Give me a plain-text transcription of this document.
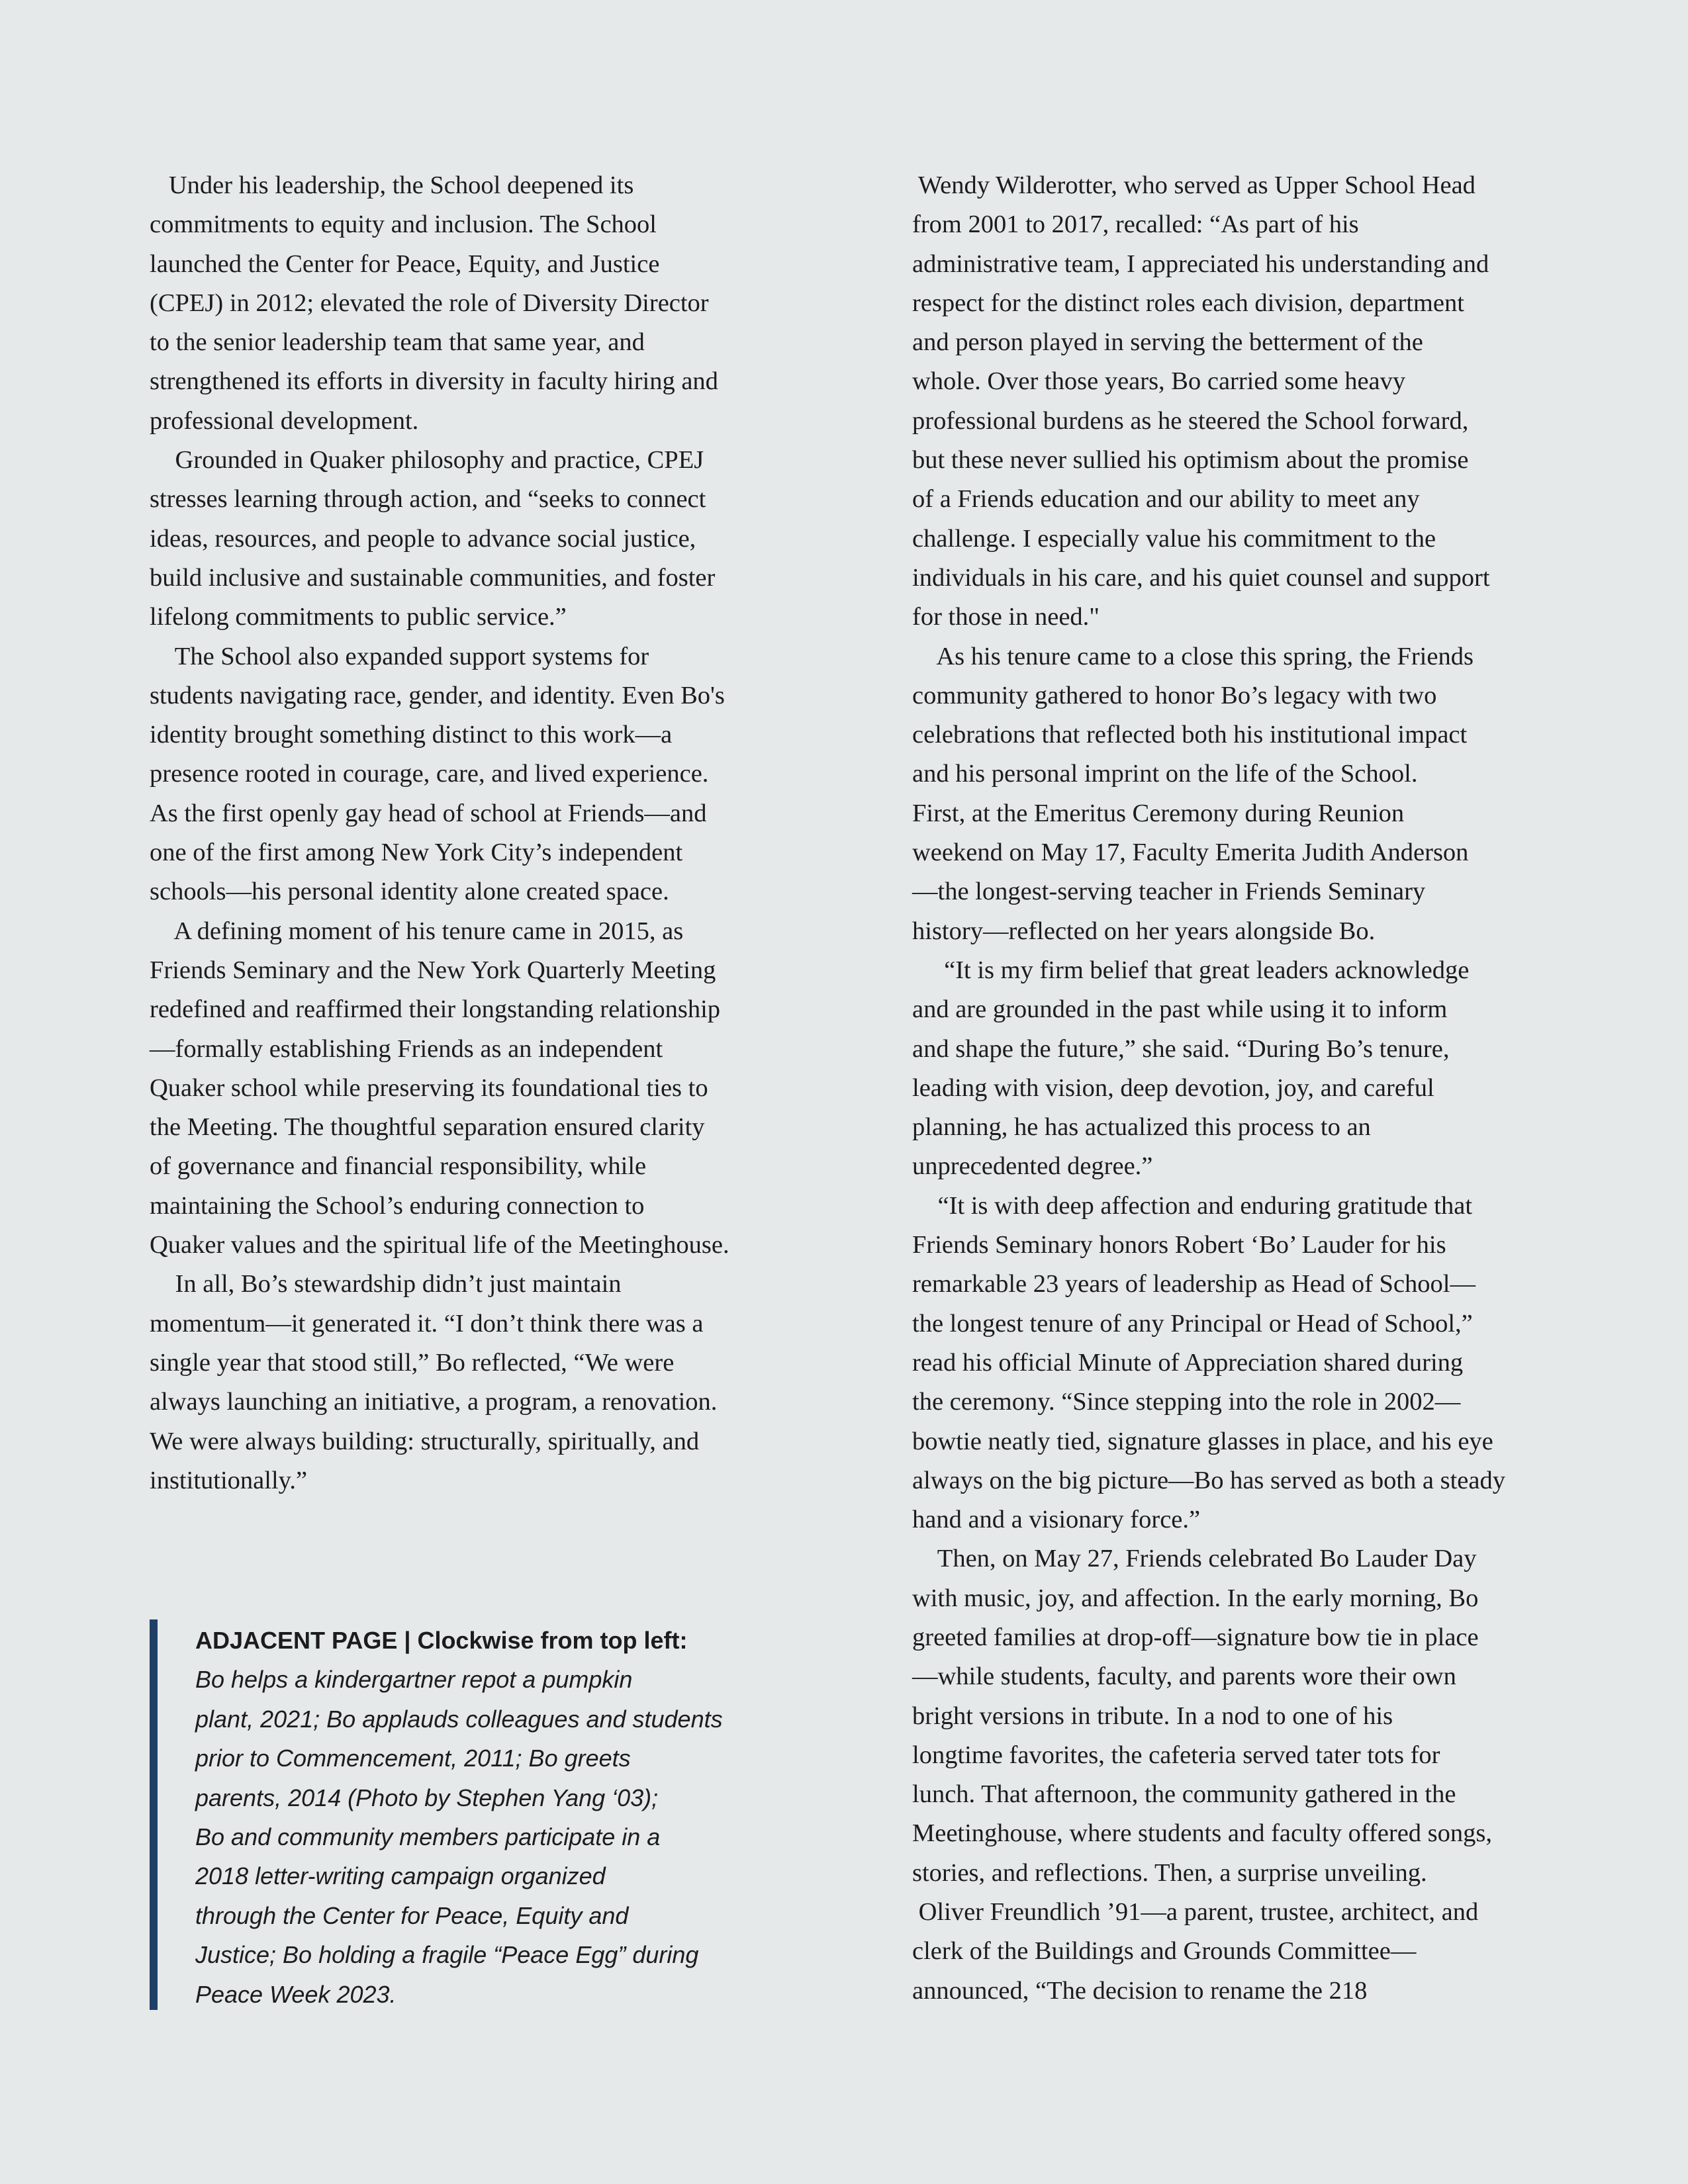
Under his leadership, the School deepened its
commitments to equity and inclusion. The School
launched the Center for Peace, Equity, and Justice
(CPEJ) in 2012; elevated the role of Diversity Director
to the senior leadership team that same year, and
strengthened its efforts in diversity in faculty hiring and
professional development.
Grounded in Quaker philosophy and practice, CPEJ
stresses learning through action, and “seeks to connect
ideas, resources, and people to advance social justice,
build inclusive and sustainable communities, and foster
lifelong commitments to public service.”
The School also expanded support systems for
students navigating race, gender, and identity. Even Bo's
identity brought something distinct to this work—a
presence rooted in courage, care, and lived experience.
As the first openly gay head of school at Friends—and
one of the first among New York City’s independent
schools—his personal identity alone created space.
A defining moment of his tenure came in 2015, as
Friends Seminary and the New York Quarterly Meeting
redefined and reaffirmed their longstanding relationship
—formally establishing Friends as an independent
Quaker school while preserving its foundational ties to
the Meeting. The thoughtful separation ensured clarity
of governance and financial responsibility, while
maintaining the School’s enduring connection to
Quaker values and the spiritual life of the Meetinghouse.
In all, Bo’s stewardship didn’t just maintain
momentum—it generated it. “I don’t think there was a
single year that stood still,” Bo reflected, “We were
always launching an initiative, a program, a renovation.
We were always building: structurally, spiritually, and
institutionally.”
Wendy Wilderotter, who served as Upper School Head
from 2001 to 2017, recalled: “As part of his
administrative team, I appreciated his understanding and
respect for the distinct roles each division, department
and person played in serving the betterment of the
whole. Over those years, Bo carried some heavy
professional burdens as he steered the School forward,
but these never sullied his optimism about the promise
of a Friends education and our ability to meet any
challenge. I especially value his commitment to the
individuals in his care, and his quiet counsel and support
for those in need."
As his tenure came to a close this spring, the Friends
community gathered to honor Bo’s legacy with two
celebrations that reflected both his institutional impact
and his personal imprint on the life of the School.
First, at the Emeritus Ceremony during Reunion
weekend on May 17, Faculty Emerita Judith Anderson
—the longest-serving teacher in Friends Seminary
history—reflected on her years alongside Bo.
“It is my firm belief that great leaders acknowledge
and are grounded in the past while using it to inform
and shape the future,” she said. “During Bo’s tenure,
leading with vision, deep devotion, joy, and careful
planning, he has actualized this process to an
unprecedented degree.”
“It is with deep affection and enduring gratitude that
Friends Seminary honors Robert ‘Bo’ Lauder for his
remarkable 23 years of leadership as Head of School—
the longest tenure of any Principal or Head of School,”
read his official Minute of Appreciation shared during
the ceremony. “Since stepping into the role in 2002—
bowtie neatly tied, signature glasses in place, and his eye
always on the big picture—Bo has served as both a steady
hand and a visionary force.”
Then, on May 27, Friends celebrated Bo Lauder Day
with music, joy, and affection. In the early morning, Bo
greeted families at drop-off—signature bow tie in place
—while students, faculty, and parents wore their own
bright versions in tribute. In a nod to one of his
longtime favorites, the cafeteria served tater tots for
lunch. That afternoon, the community gathered in the
Meetinghouse, where students and faculty offered songs,
stories, and reflections. Then, a surprise unveiling.
Oliver Freundlich ’91—a parent, trustee, architect, and
clerk of the Buildings and Grounds Committee—
announced, “The decision to rename the 218
ADJACENT PAGE | Clockwise from top left:
Bo helps a kindergartner repot a pumpkin
plant, 2021; Bo applauds colleagues and students
prior to Commencement, 2011; Bo greets
parents, 2014 (Photo by Stephen Yang ‘03);
Bo and community members participate in a
2018 letter-writing campaign organized
through the Center for Peace, Equity and
Justice; Bo holding a fragile “Peace Egg” during
Peace Week 2023.
